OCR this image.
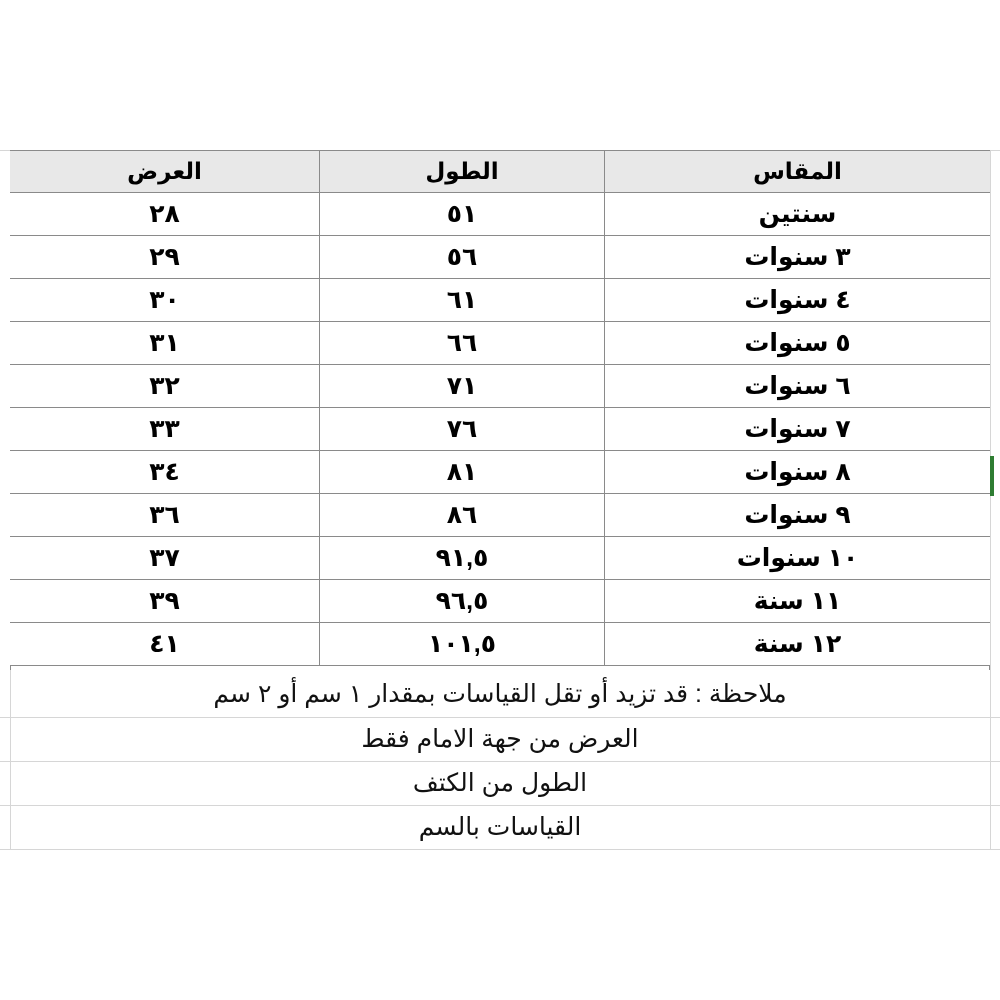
المقاس
الطول
العرض
سنتين
٥١
٢٨
٣ سنوات
٥٦
٢٩
٤ سنوات
٦١
٣٠
٥ سنوات
٦٦
٣١
٦ سنوات
٧١
٣٢
٧ سنوات
٧٦
٣٣
٨ سنوات
٨١
٣٤
٩ سنوات
٨٦
٣٦
١٠ سنوات
٩١,٥
٣٧
١١ سنة
٩٦,٥
٣٩
١٢ سنة
١٠١,٥
٤١
ملاحظة : قد تزيد أو تقل القياسات بمقدار ١ سم أو ٢ سم
العرض من جهة الامام فقط
الطول من الكتف
القياسات بالسم
